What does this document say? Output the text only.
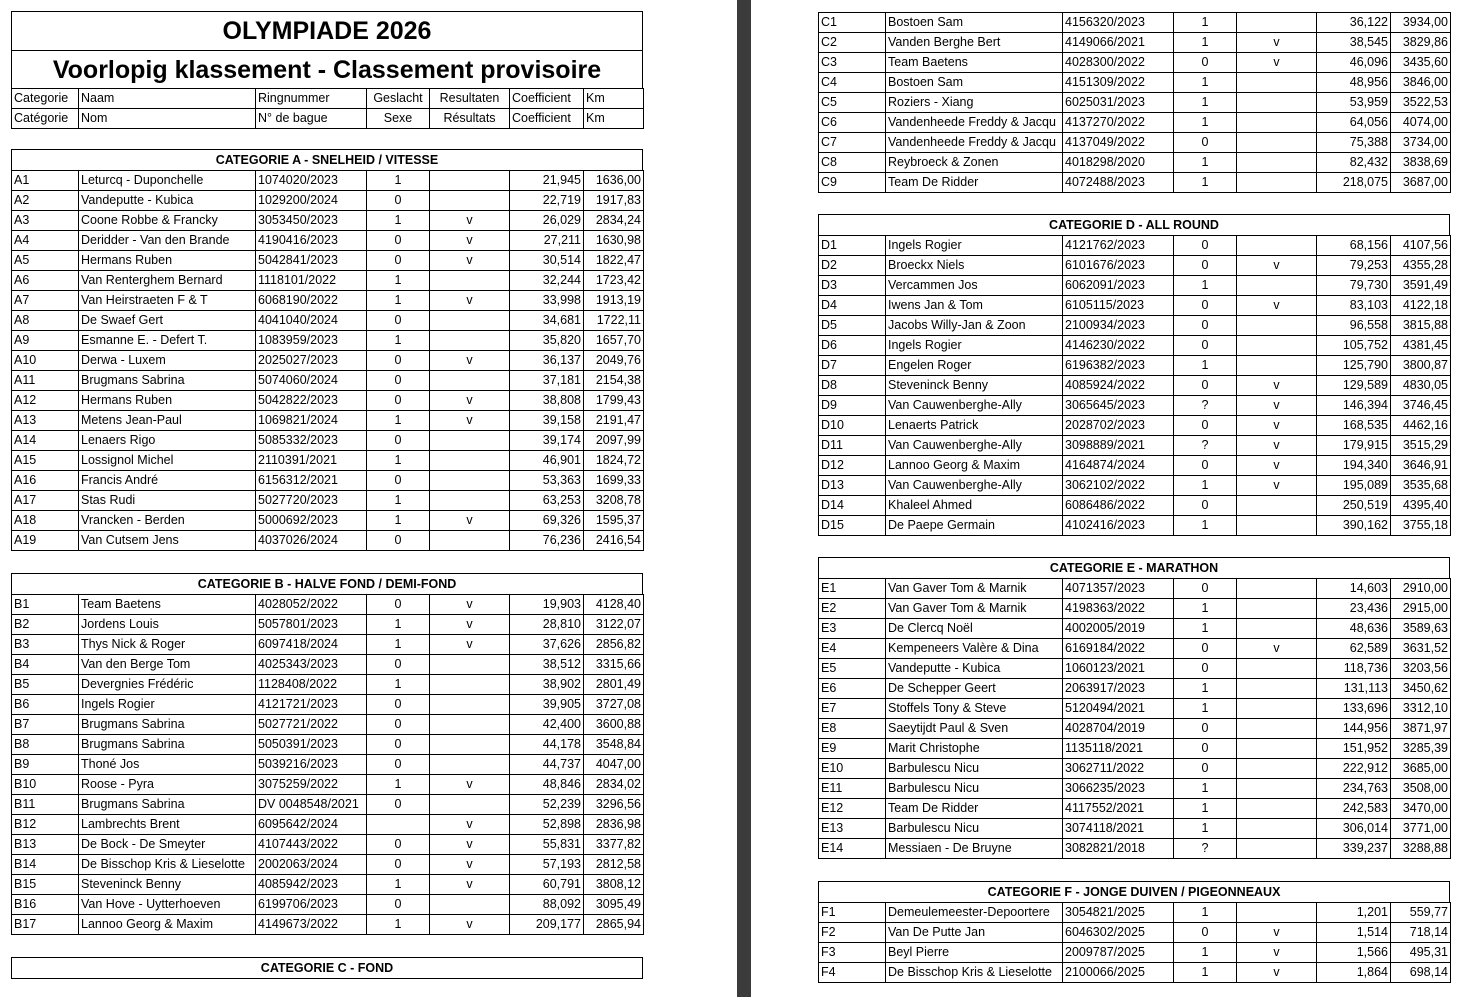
OLYMPIADE 2026
Voorlopig klassement - Classement provisoire
Categorie	Naam	Ringnummer	Geslacht	Resultaten	Coefficient	Km
Catégorie	Nom	N° de bague	Sexe	Résultats	Coefficient	Km
CATEGORIE A - SNELHEID / VITESSE
A1	Leturcq - Duponchelle	1074020/2023	1		21,945	1636,00
A2	Vandeputte - Kubica	1029200/2024	0		22,719	1917,83
A3	Coone Robbe & Francky	3053450/2023	1	v	26,029	2834,24
A4	Deridder - Van den Brande	4190416/2023	0	v	27,211	1630,98
A5	Hermans Ruben	5042841/2023	0	v	30,514	1822,47
A6	Van Renterghem Bernard	1118101/2022	1		32,244	1723,42
A7	Van Heirstraeten F & T	6068190/2022	1	v	33,998	1913,19
A8	De Swaef Gert	4041040/2024	0		34,681	1722,11
A9	Esmanne E. - Defert T.	1083959/2023	1		35,820	1657,70
A10	Derwa - Luxem	2025027/2023	0	v	36,137	2049,76
A11	Brugmans Sabrina	5074060/2024	0		37,181	2154,38
A12	Hermans Ruben	5042822/2023	0	v	38,808	1799,43
A13	Metens Jean-Paul	1069821/2024	1	v	39,158	2191,47
A14	Lenaers Rigo	5085332/2023	0		39,174	2097,99
A15	Lossignol Michel	2110391/2021	1		46,901	1824,72
A16	Francis André	6156312/2021	0		53,363	1699,33
A17	Stas Rudi	5027720/2023	1		63,253	3208,78
A18	Vrancken - Berden	5000692/2023	1	v	69,326	1595,37
A19	Van Cutsem Jens	4037026/2024	0		76,236	2416,54
CATEGORIE B - HALVE FOND / DEMI-FOND
B1	Team Baetens	4028052/2022	0	v	19,903	4128,40
B2	Jordens Louis	5057801/2023	1	v	28,810	3122,07
B3	Thys Nick & Roger	6097418/2024	1	v	37,626	2856,82
B4	Van den Berge Tom	4025343/2023	0		38,512	3315,66
B5	Devergnies Frédéric	1128408/2022	1		38,902	2801,49
B6	Ingels Rogier	4121721/2023	0		39,905	3727,08
B7	Brugmans Sabrina	5027721/2022	0		42,400	3600,88
B8	Brugmans Sabrina	5050391/2023	0		44,178	3548,84
B9	Thoné Jos	5039216/2023	0		44,737	4047,00
B10	Roose - Pyra	3075259/2022	1	v	48,846	2834,02
B11	Brugmans Sabrina	DV 0048548/2021	0		52,239	3296,56
B12	Lambrechts Brent	6095642/2024		v	52,898	2836,98
B13	De Bock - De Smeyter	4107443/2022	0	v	55,831	3377,82
B14	De Bisschop Kris & Lieselotte	2002063/2024	0	v	57,193	2812,58
B15	Steveninck Benny	4085942/2023	1	v	60,791	3808,12
B16	Van Hove - Uytterhoeven	6199706/2023	0		88,092	3095,49
B17	Lannoo Georg & Maxim	4149673/2022	1	v	209,177	2865,94
CATEGORIE C - FOND
C1	Bostoen Sam	4156320/2023	1		36,122	3934,00
C2	Vanden Berghe Bert	4149066/2021	1	v	38,545	3829,86
C3	Team Baetens	4028300/2022	0	v	46,096	3435,60
C4	Bostoen Sam	4151309/2022	1		48,956	3846,00
C5	Roziers - Xiang	6025031/2023	1		53,959	3522,53
C6	Vandenheede Freddy & Jacqu	4137270/2022	1		64,056	4074,00
C7	Vandenheede Freddy & Jacqu	4137049/2022	0		75,388	3734,00
C8	Reybroeck & Zonen	4018298/2020	1		82,432	3838,69
C9	Team De Ridder	4072488/2023	1		218,075	3687,00
CATEGORIE D - ALL ROUND
D1	Ingels Rogier	4121762/2023	0		68,156	4107,56
D2	Broeckx Niels	6101676/2023	0	v	79,253	4355,28
D3	Vercammen Jos	6062091/2023	1		79,730	3591,49
D4	Iwens Jan & Tom	6105115/2023	0	v	83,103	4122,18
D5	Jacobs Willy-Jan & Zoon	2100934/2023	0		96,558	3815,88
D6	Ingels Rogier	4146230/2022	0		105,752	4381,45
D7	Engelen Roger	6196382/2023	1		125,790	3800,87
D8	Steveninck Benny	4085924/2022	0	v	129,589	4830,05
D9	Van Cauwenberghe-Ally	3065645/2023	?	v	146,394	3746,45
D10	Lenaerts Patrick	2028702/2023	0	v	168,535	4462,16
D11	Van Cauwenberghe-Ally	3098889/2021	?	v	179,915	3515,29
D12	Lannoo Georg & Maxim	4164874/2024	0	v	194,340	3646,91
D13	Van Cauwenberghe-Ally	3062102/2022	1	v	195,089	3535,68
D14	Khaleel Ahmed	6086486/2022	0		250,519	4395,40
D15	De Paepe Germain	4102416/2023	1		390,162	3755,18
CATEGORIE E - MARATHON
E1	Van Gaver Tom & Marnik	4071357/2023	0		14,603	2910,00
E2	Van Gaver Tom & Marnik	4198363/2022	1		23,436	2915,00
E3	De Clercq Noël	4002005/2019	1		48,636	3589,63
E4	Kempeneers Valère & Dina	6169184/2022	0	v	62,589	3631,52
E5	Vandeputte - Kubica	1060123/2021	0		118,736	3203,56
E6	De Schepper Geert	2063917/2023	1		131,113	3450,62
E7	Stoffels Tony & Steve	5120494/2021	1		133,696	3312,10
E8	Saeytijdt Paul & Sven	4028704/2019	0		144,956	3871,97
E9	Marit Christophe	1135118/2021	0		151,952	3285,39
E10	Barbulescu Nicu	3062711/2022	0		222,912	3685,00
E11	Barbulescu Nicu	3066235/2023	1		234,763	3508,00
E12	Team De Ridder	4117552/2021	1		242,583	3470,00
E13	Barbulescu Nicu	3074118/2021	1		306,014	3771,00
E14	Messiaen - De Bruyne	3082821/2018	?		339,237	3288,88
CATEGORIE F - JONGE DUIVEN / PIGEONNEAUX
F1	Demeulemeester-Depoortere	3054821/2025	1		1,201	559,77
F2	Van De Putte Jan	6046302/2025	0	v	1,514	718,14
F3	Beyl Pierre	2009787/2025	1	v	1,566	495,31
F4	De Bisschop Kris & Lieselotte	2100066/2025	1	v	1,864	698,14
